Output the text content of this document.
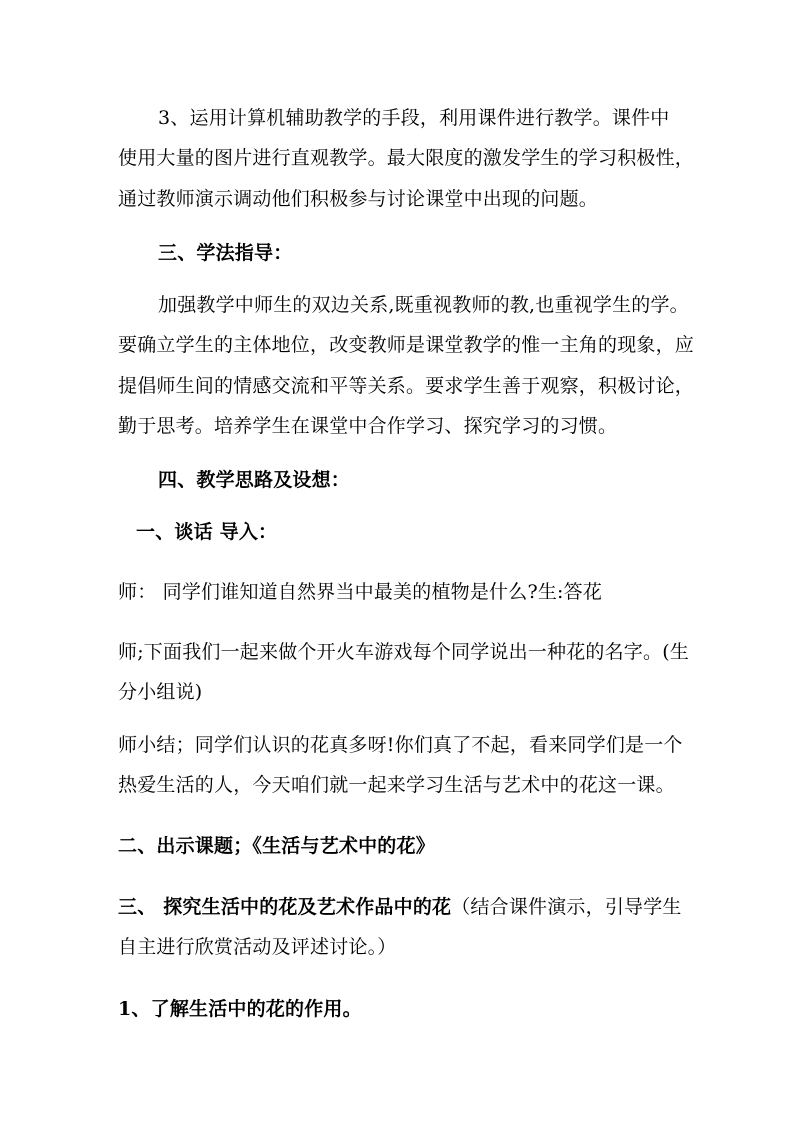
3、运用计算机辅助教学的手段，利用课件进行教学。课件中
使用大量的图片进行直观教学。最大限度的激发学生的学习积极性，
通过教师演示调动他们积极参与讨论课堂中出现的问题。
三、学法指导：
加强教学中师生的双边关系,既重视教师的教,也重视学生的学。
要确立学生的主体地位，改变教师是课堂教学的惟一主角的现象，应
提倡师生间的情感交流和平等关系。要求学生善于观察，积极讨论，
勤于思考。培养学生在课堂中合作学习、探究学习的习惯。
四、教学思路及设想：
一、谈话 导入：
师： 同学们谁知道自然界当中最美的植物是什么?生:答花
师;下面我们一起来做个开火车游戏每个同学说出一种花的名字。(生
分小组说)
师小结；同学们认识的花真多呀!你们真了不起，看来同学们是一个
热爱生活的人，今天咱们就一起来学习生活与艺术中的花这一课。
二、出示课题；《生活与艺术中的花》
三、 探究生活中的花及艺术作品中的花（结合课件演示，引导学生
自主进行欣赏活动及评述讨论。）
1、了解生活中的花的作用。
